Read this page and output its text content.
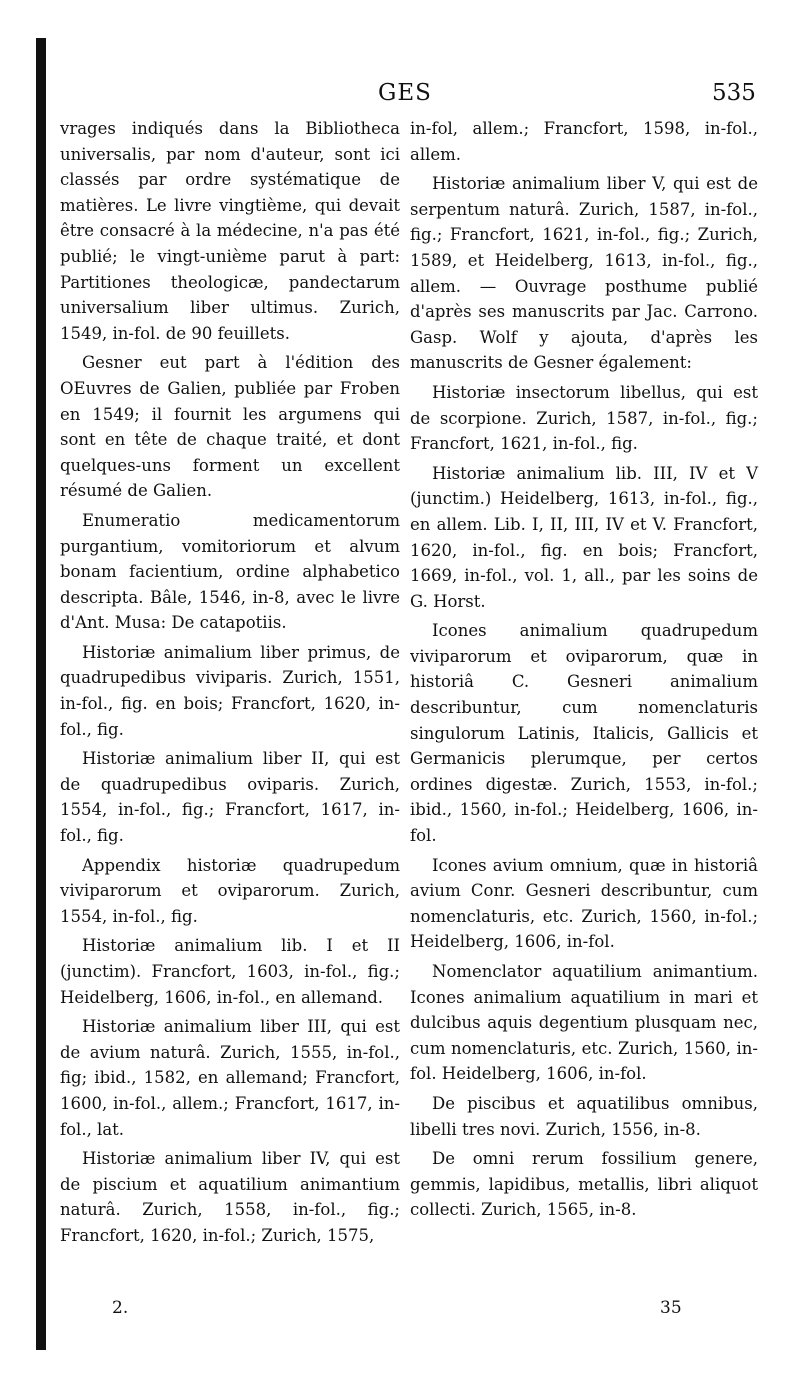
GES	535

vrages indiqués dans la Bibliotheca universalis, par nom d'auteur, sont ici classés par ordre systématique de matières. Le livre vingtième, qui devait être consacré à la médecine, n'a pas été publié; le vingt-unième parut à part: Partitiones theologicæ, pandectarum universalium liber ultimus. Zurich, 1549, in-fol. de 90 feuillets.

Gesner eut part à l'édition des OEuvres de Galien, publiée par Froben en 1549; il fournit les argumens qui sont en tête de chaque traité, et dont quelques-uns forment un excellent résumé de Galien.

Enumeratio medicamentorum purgantium, vomitoriorum et alvum bonam facientium, ordine alphabetico descripta. Bâle, 1546, in-8, avec le livre d'Ant. Musa: De catapotiis.

Historiæ animalium liber primus, de quadrupedibus viviparis. Zurich, 1551, in-fol., fig. en bois; Francfort, 1620, in-fol., fig.

Historiæ animalium liber II, qui est de quadrupedibus oviparis. Zurich, 1554, in-fol., fig.; Francfort, 1617, in-fol., fig.

Appendix historiæ quadrupedum viviparorum et oviparorum. Zurich, 1554, in-fol., fig.

Historiæ animalium lib. I et II (junctim). Francfort, 1603, in-fol., fig.; Heidelberg, 1606, in-fol., en allemand.

Historiæ animalium liber III, qui est de avium naturâ. Zurich, 1555, in-fol., fig; ibid., 1582, en allemand; Francfort, 1600, in-fol., allem.; Francfort, 1617, in-fol., lat.

Historiæ animalium liber IV, qui est de piscium et aquatilium animantium naturâ. Zurich, 1558, in-fol., fig.; Francfort, 1620, in-fol.; Zurich, 1575,

in-fol, allem.; Francfort, 1598, in-fol., allem.

Historiæ animalium liber V, qui est de serpentum naturâ. Zurich, 1587, in-fol., fig.; Francfort, 1621, in-fol., fig.; Zurich, 1589, et Heidelberg, 1613, in-fol., fig., allem. — Ouvrage posthume publié d'après ses manuscrits par Jac. Carrono. Gasp. Wolf y ajouta, d'après les manuscrits de Gesner également:

Historiæ insectorum libellus, qui est de scorpione. Zurich, 1587, in-fol., fig.; Francfort, 1621, in-fol., fig.

Historiæ animalium lib. III, IV et V (junctim.) Heidelberg, 1613, in-fol., fig., en allem. Lib. I, II, III, IV et V. Francfort, 1620, in-fol., fig. en bois; Francfort, 1669, in-fol., vol. 1, all., par les soins de G. Horst.

Icones animalium quadrupedum viviparorum et oviparorum, quæ in historiâ C. Gesneri animalium describuntur, cum nomenclaturis singulorum Latinis, Italicis, Gallicis et Germanicis plerumque, per certos ordines digestæ. Zurich, 1553, in-fol.; ibid., 1560, in-fol.; Heidelberg, 1606, in-fol.

Icones avium omnium, quæ in historiâ avium Conr. Gesneri describuntur, cum nomenclaturis, etc. Zurich, 1560, in-fol.; Heidelberg, 1606, in-fol.

Nomenclator aquatilium animantium. Icones animalium aquatilium in mari et dulcibus aquis degentium plusquam nec, cum nomenclaturis, etc. Zurich, 1560, in-fol. Heidelberg, 1606, in-fol.

De piscibus et aquatilibus omnibus, libelli tres novi. Zurich, 1556, in-8.

De omni rerum fossilium genere, gemmis, lapidibus, metallis, libri aliquot collecti. Zurich, 1565, in-8.

2.	35
